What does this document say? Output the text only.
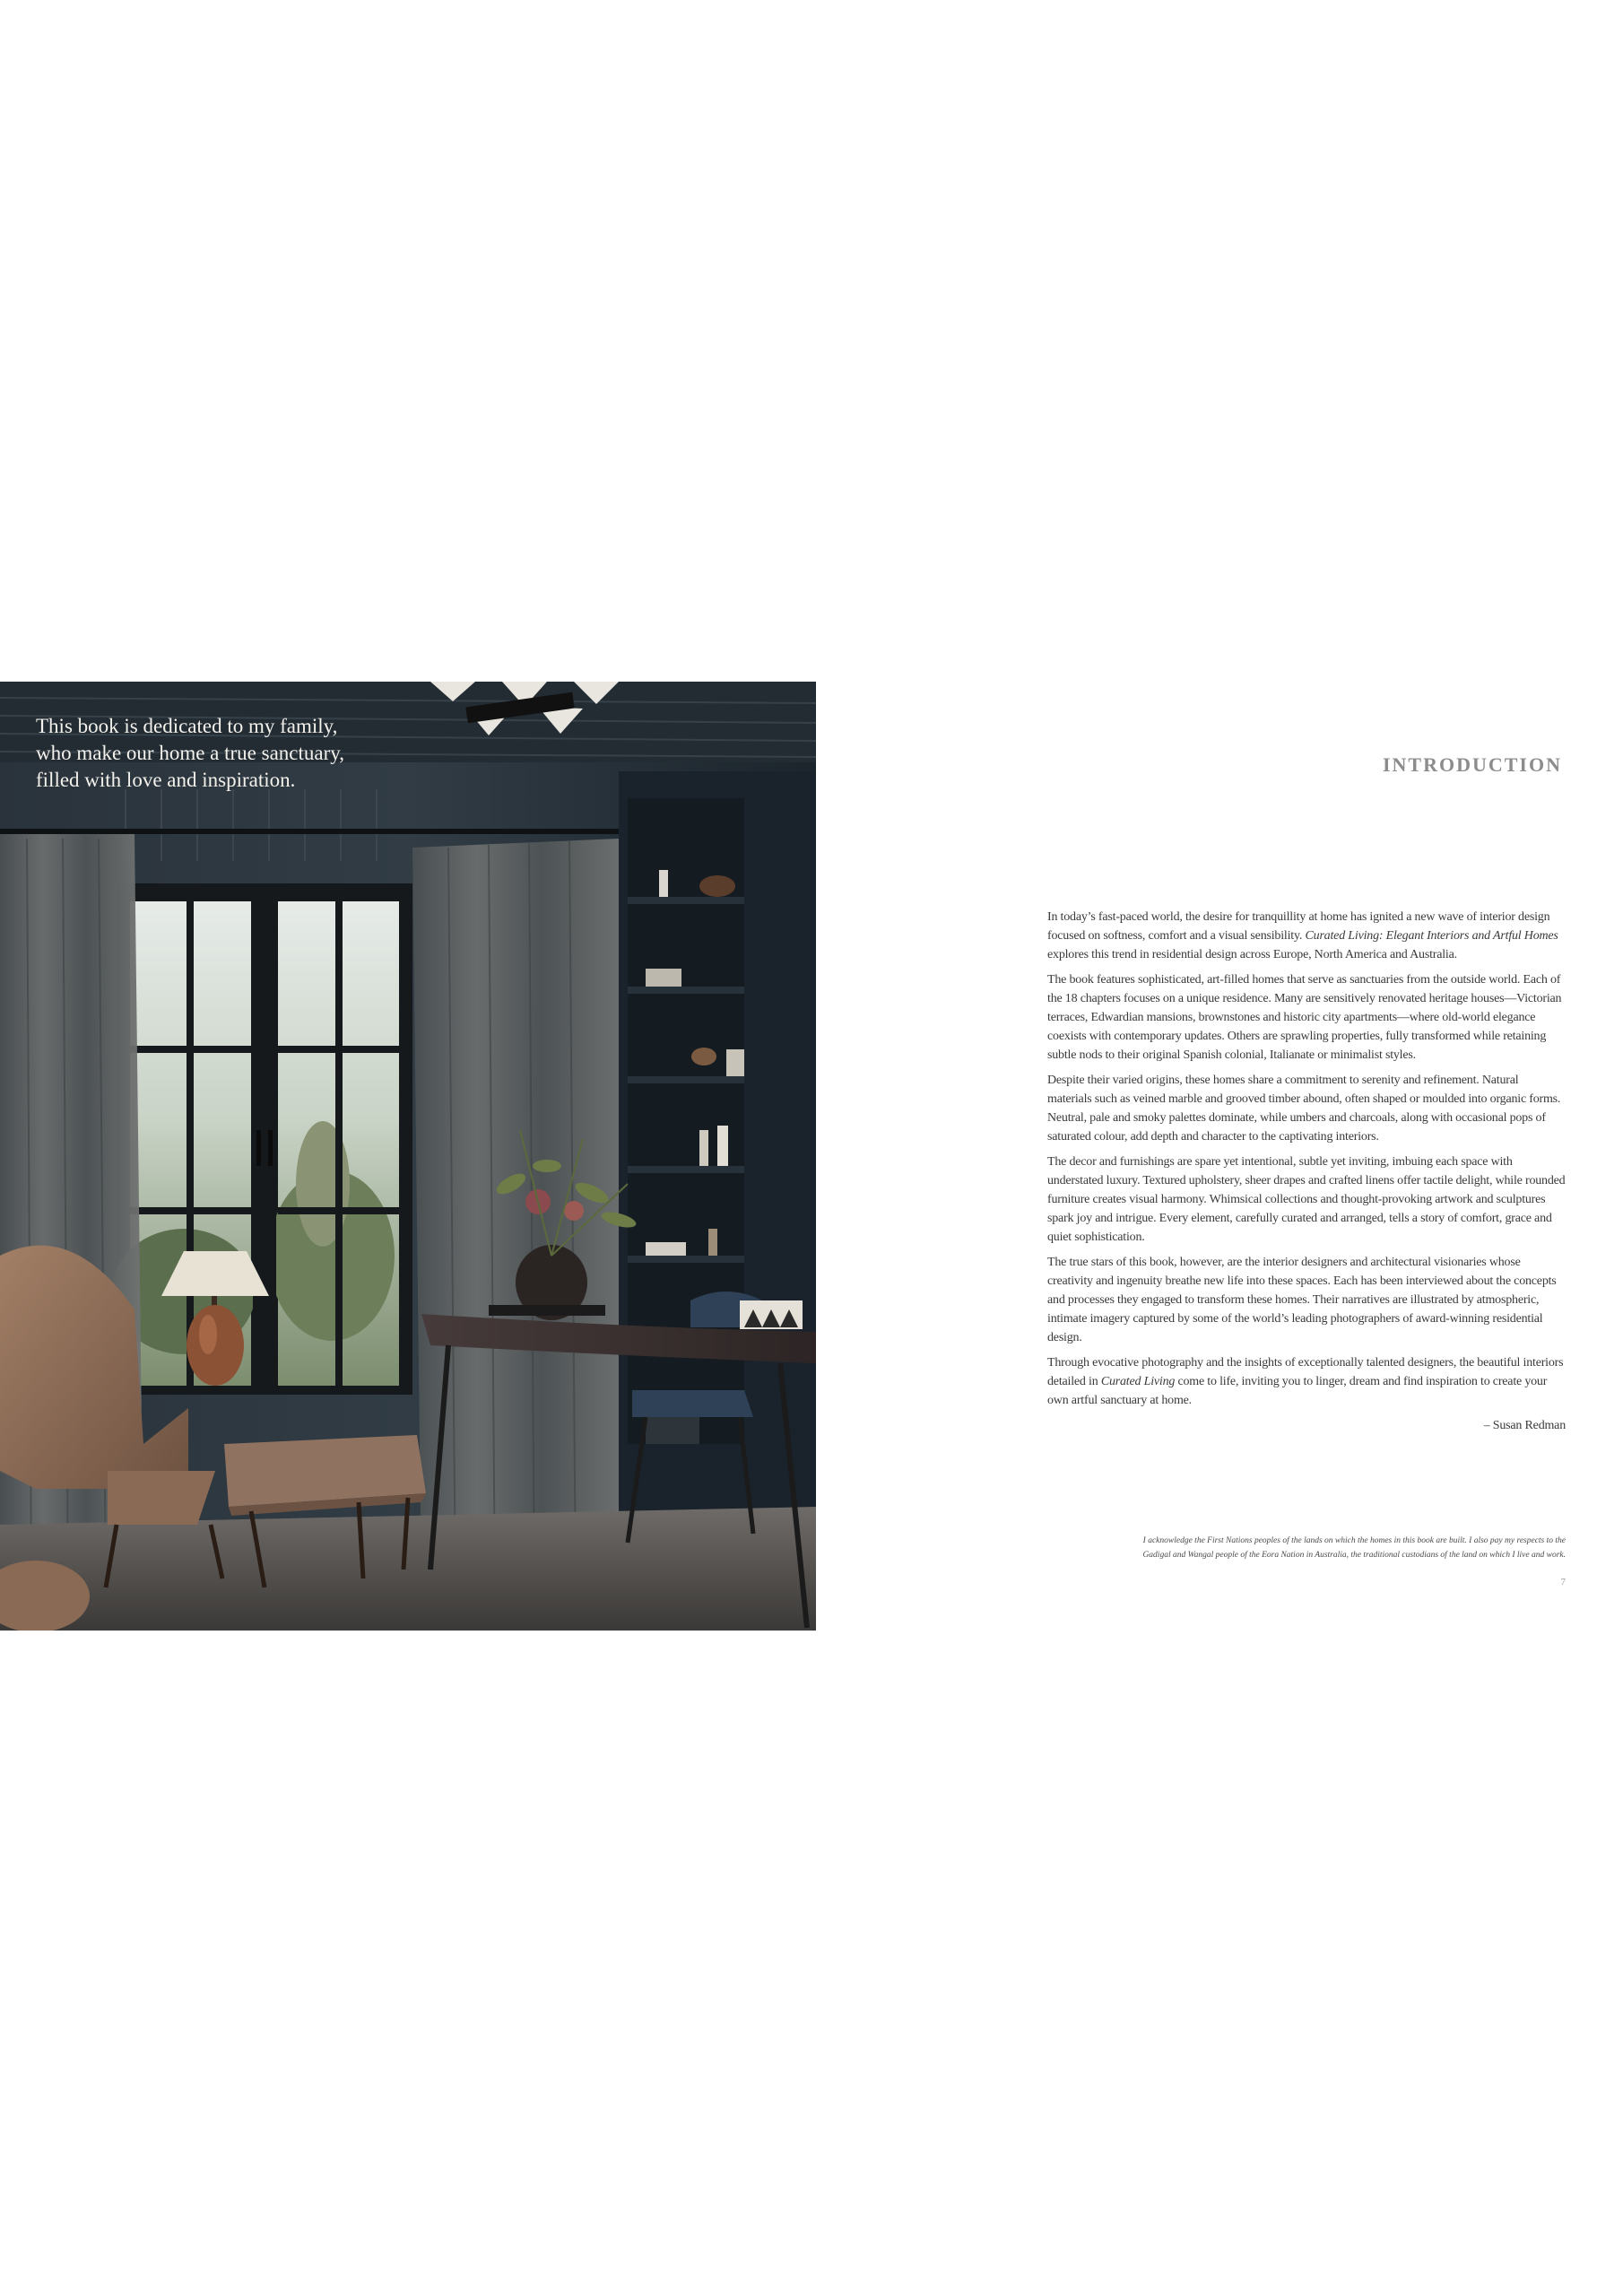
This book is dedicated to my family,
who make our home a true sanctuary,
filled with love and inspiration.

INTRODUCTION

In today’s fast-paced world, the desire for tranquillity at home has ignited a new wave of interior design focused on softness, comfort and a visual sensibility. Curated Living: Elegant Interiors and Artful Homes explores this trend in residential design across Europe, North America and Australia.

The book features sophisticated, art-filled homes that serve as sanctuaries from the outside world. Each of the 18 chapters focuses on a unique residence. Many are sensitively renovated heritage houses—Victorian terraces, Edwardian mansions, brownstones and historic city apartments—where old-world elegance coexists with contemporary updates. Others are sprawling properties, fully transformed while retaining subtle nods to their original Spanish colonial, Italianate or minimalist styles.

Despite their varied origins, these homes share a commitment to serenity and refinement. Natural materials such as veined marble and grooved timber abound, often shaped or moulded into organic forms. Neutral, pale and smoky palettes dominate, while umbers and charcoals, along with occasional pops of saturated colour, add depth and character to the captivating interiors.

The decor and furnishings are spare yet intentional, subtle yet inviting, imbuing each space with understated luxury. Textured upholstery, sheer drapes and crafted linens offer tactile delight, while rounded furniture creates visual harmony. Whimsical collections and thought-provoking artwork and sculptures spark joy and intrigue. Every element, carefully curated and arranged, tells a story of comfort, grace and quiet sophistication.

The true stars of this book, however, are the interior designers and architectural visionaries whose creativity and ingenuity breathe new life into these spaces. Each has been interviewed about the concepts and processes they engaged to transform these homes. Their narratives are illustrated by atmospheric, intimate imagery captured by some of the world’s leading photographers of award-winning residential design.

Through evocative photography and the insights of exceptionally talented designers, the beautiful interiors detailed in Curated Living come to life, inviting you to linger, dream and find inspiration to create your own artful sanctuary at home.

– Susan Redman

I acknowledge the First Nations peoples of the lands on which the homes in this book are built. I also pay my respects to the
Gadigal and Wangal people of the Eora Nation in Australia, the traditional custodians of the land on which I live and work.

7
